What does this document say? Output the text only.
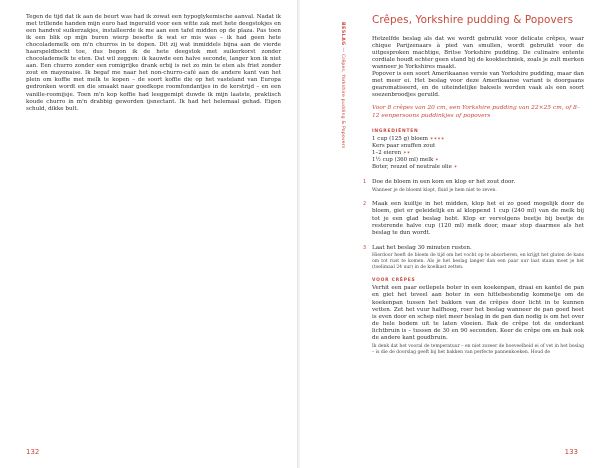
Tegen de tijd dat ik aan de beurt was had ik zowat een hypoglykemische aanval. Nadat ik met trillende handen mijn euro had ingeruild voor een witte zak met hete deegstokjes en een handvol suikerzakjes, installeerde ik me aan een tafel midden op de plaza. Pas toen ik een blik op mijn buren wierp besefte ik wat er mis was – ik had geen hete chocolademelk om m'n churros in te dopen. Dit zij wat inmiddels bijna aan de vierde haarspeldbocht toe, dus begon ik de hete deegstok met suikerkorst zonder chocolademelk te eten. Dat wil zeggen: ik kauwde een halve seconde, langer kon ik niet aan. Een churro zonder een romigrijke drank erbij is net zo min te eten als friet zonder zout en mayonaise. Ik begaf me naar het non-churro-café aan de andere kant van het plein om koffie met melk te kopen – de soort koffie die op het vasteland van Europa gedronken wordt en die smaakt naar goedkope roomfondantjes in de kerstrijd – en een vanille-roomijsje. Toen m'n kop koffie had leeggemipt duwde ik mijn laatste, praktisch koude churro in m'n drabbig geworden ijsnectant. Ik had het helemaal gehad. Eigen schuld, dikke bult.
132	133
BESLAG — Crêpes, Yorkshire pudding & Popovers
Crêpes, Yorkshire pudding & Popovers

Hetzelfde beslag als dat we wordt gebruikt voor delicate crêpes, waar chique Parijzenaars à pied van smullen, wordt gebruikt voor de uitgesproken machtige, Britse Yorkshire pudding. De culinaire entente cordiale houdt echter geen stand bij de kooktechniek, zoals je zult merken wanneer je Yorkshires maakt.

Popover is een soort Amerikaanse versie van Yorkshire pudding, maar dan met meer ei. Het beslag voor deze Amerikaanse variant is doorgaans gearomatiseerd, en de uiteindelijke baksels worden vaak als een soort soezenbroodjes geruild.

Voor 8 crêpes van 20 cm, een Yorkshire pudding van 22×25 cm, of 8–12 eenpersoons puddinkjes of popovers
INGREDIËNTEN
1 cup (125 g) bloem ✶✶✶✶
Kers paar snuffen zout
1–2 eieren ✶✶
1½ cup (360 ml) melk ✶
Boter, reuzel of neutrale olie ✶
1 Doe de bloem in een kom en klop er het zout door.
Wanneer je de bloemt klopt, fluid je hem niet te zeven.
2 Maak een kuiltje in het midden, klop het ei zo goed mogelijk door de bloem, giet er geleidelijk en al kloppend 1 cup (240 ml) van de melk bij tot je een glad beslag hebt. Klop er vervolgens beetje bij beetje de resterende halve cup (120 ml) melk door, maar stop daarmee als het beslag te dun wordt.
3 Laat het beslag 30 minuten rusten.
Hierdoor heeft de bloem de tijd om het vocht op te absorberen, en krijgt het gluten de kans om tot rust te komen. Als je het beslag langer dan een paar uur laat staan moet je het (toelimaal 24 uur) in de koelkast zetten.
VOOR CRÊPES
Verhit een paar eetlepels boter in een koekenpan, draai en kantel de pan en giet het teveel aan boter in een hittebestendig kommetje om de koekenpan tussen het bakken van de crêpes door licht in te kunnen vetten. Zet het vuur halfhoog, roer het beslag wanneer de pan goed heet is even door en schep niet meer beslag in de pan dan nodig is om het over de hele bodem uit te laten vloeien. Bak de crêpe tot de onderkant lichtbruin is – tussen de 30 en 90 seconden. Keer de crêpe om en bak ook de andere kant goudbruin.
Ik denk dat het vooral de temperatuur – en niet zozeer de hoeveelheid ei of vet in het beslag – is die de doorslag geeft bij het bakken van perfecte pannenkoeken. Houd de
